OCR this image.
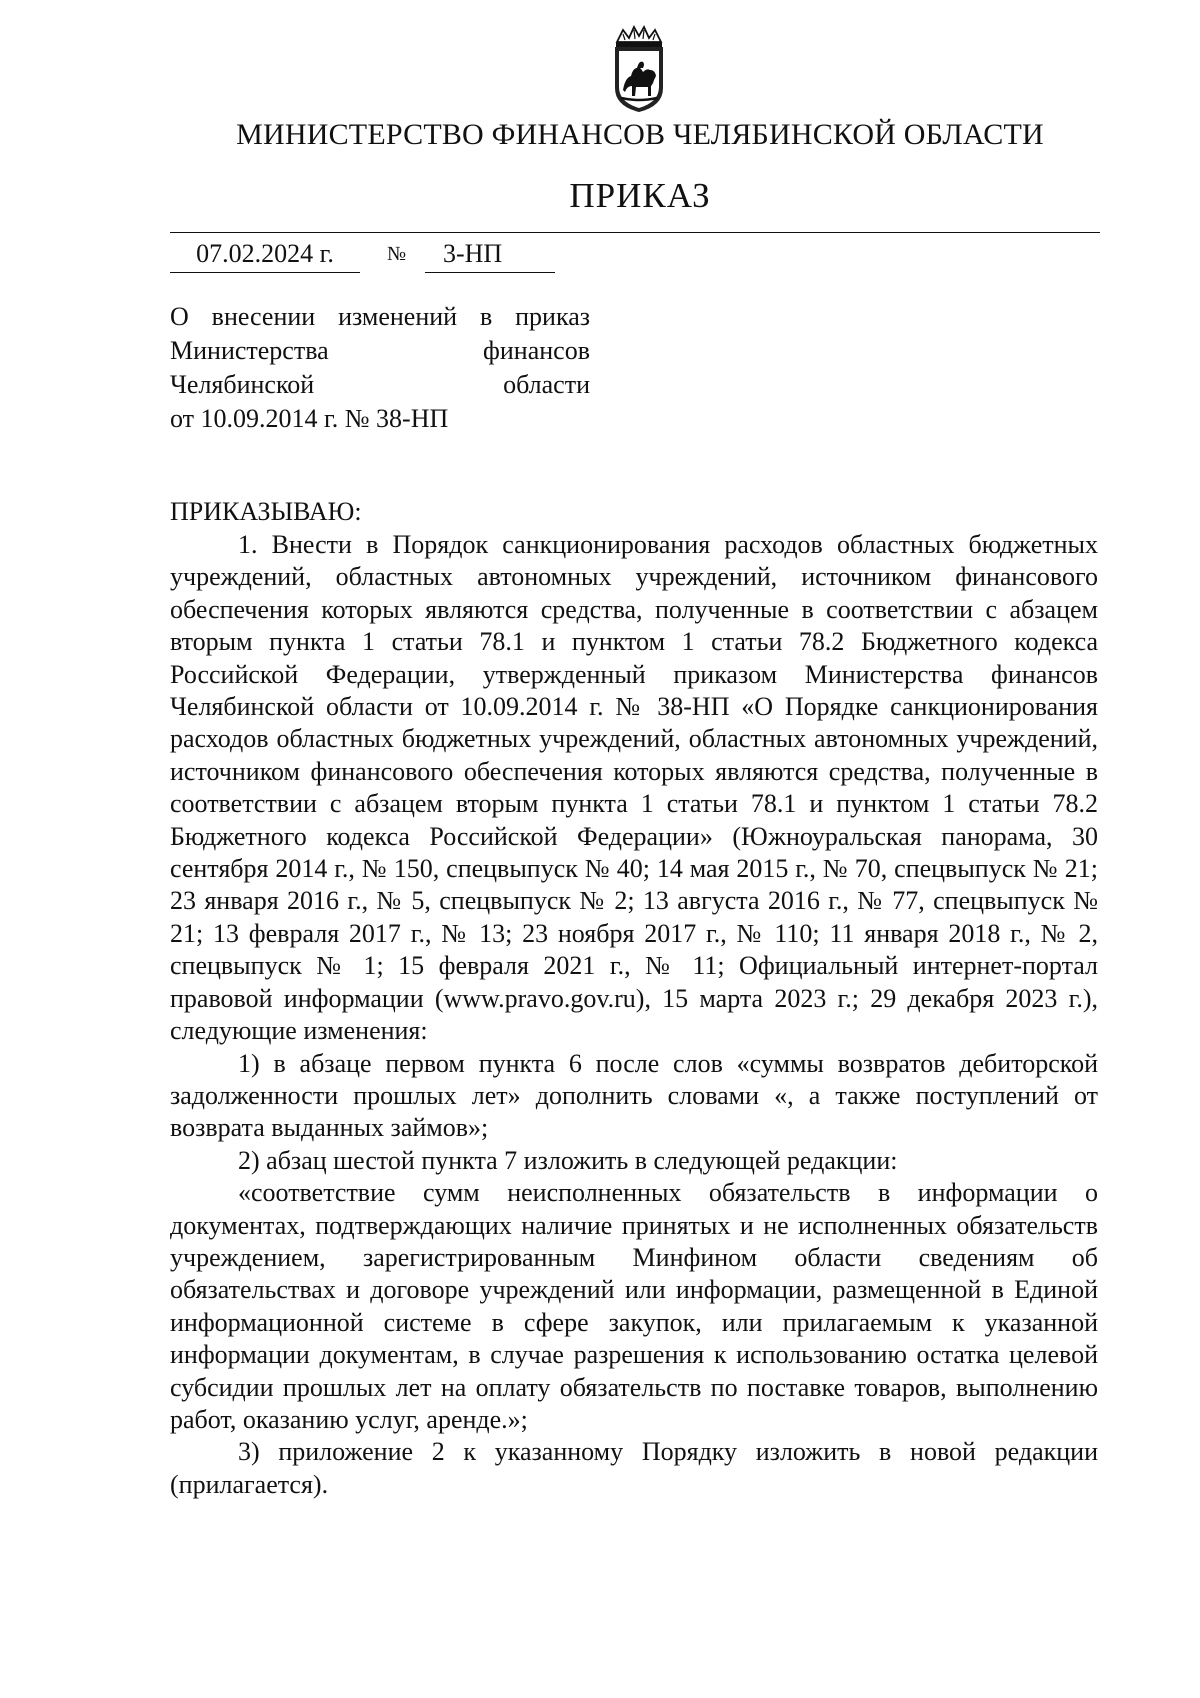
МИНИСТЕРСТВО ФИНАНСОВ ЧЕЛЯБИНСКОЙ ОБЛАСТИ
ПРИКАЗ
07.02.2024 г.	№	3-НП
О внесении изменений в приказ
Министерства	финансов
Челябинской	области
от 10.09.2014 г. № 38-НП
ПРИКАЗЫВАЮ:

1. Внести в Порядок санкционирования расходов областных бюджетных учреждений, областных автономных учреждений, источником финансового обеспечения которых являются средства, полученные в соответствии с абзацем вторым пункта 1 статьи 78.1 и пунктом 1 статьи 78.2 Бюджетного кодекса Российской Федерации, утвержденный приказом Министерства финансов Челябинской области от 10.09.2014 г. № 38-НП «О Порядке санкционирования расходов областных бюджетных учреждений, областных автономных учреждений, источником финансового обеспечения которых являются средства, полученные в соответствии с абзацем вторым пункта 1 статьи 78.1 и пунктом 1 статьи 78.2 Бюджетного кодекса Российской Федерации» (Южноуральская панорама, 30 сентября 2014 г., № 150, спецвыпуск № 40; 14 мая 2015 г., № 70, спецвыпуск № 21; 23 января 2016 г., № 5, спецвыпуск № 2; 13 августа 2016 г., № 77, спецвыпуск № 21; 13 февраля 2017 г., № 13; 23 ноября 2017 г., № 110; 11 января 2018 г., № 2, спецвыпуск № 1; 15 февраля 2021 г., № 11; Официальный интернет-портал правовой информации (www.pravo.gov.ru), 15 марта 2023 г.; 29 декабря 2023 г.), следующие изменения:

1) в абзаце первом пункта 6 после слов «суммы возвратов дебиторской задолженности прошлых лет» дополнить словами «, а также поступлений от возврата выданных займов»;

2) абзац шестой пункта 7 изложить в следующей редакции:

«соответствие сумм неисполненных обязательств в информации о документах, подтверждающих наличие принятых и не исполненных обязательств учреждением, зарегистрированным Минфином области сведениям об обязательствах и договоре учреждений или информации, размещенной в Единой информационной системе в сфере закупок, или прилагаемым к указанной информации документам, в случае разрешения к использованию остатка целевой субсидии прошлых лет на оплату обязательств по поставке товаров, выполнению работ, оказанию услуг, аренде.»;

3) приложение 2 к указанному Порядку изложить в новой редакции (прилагается).
